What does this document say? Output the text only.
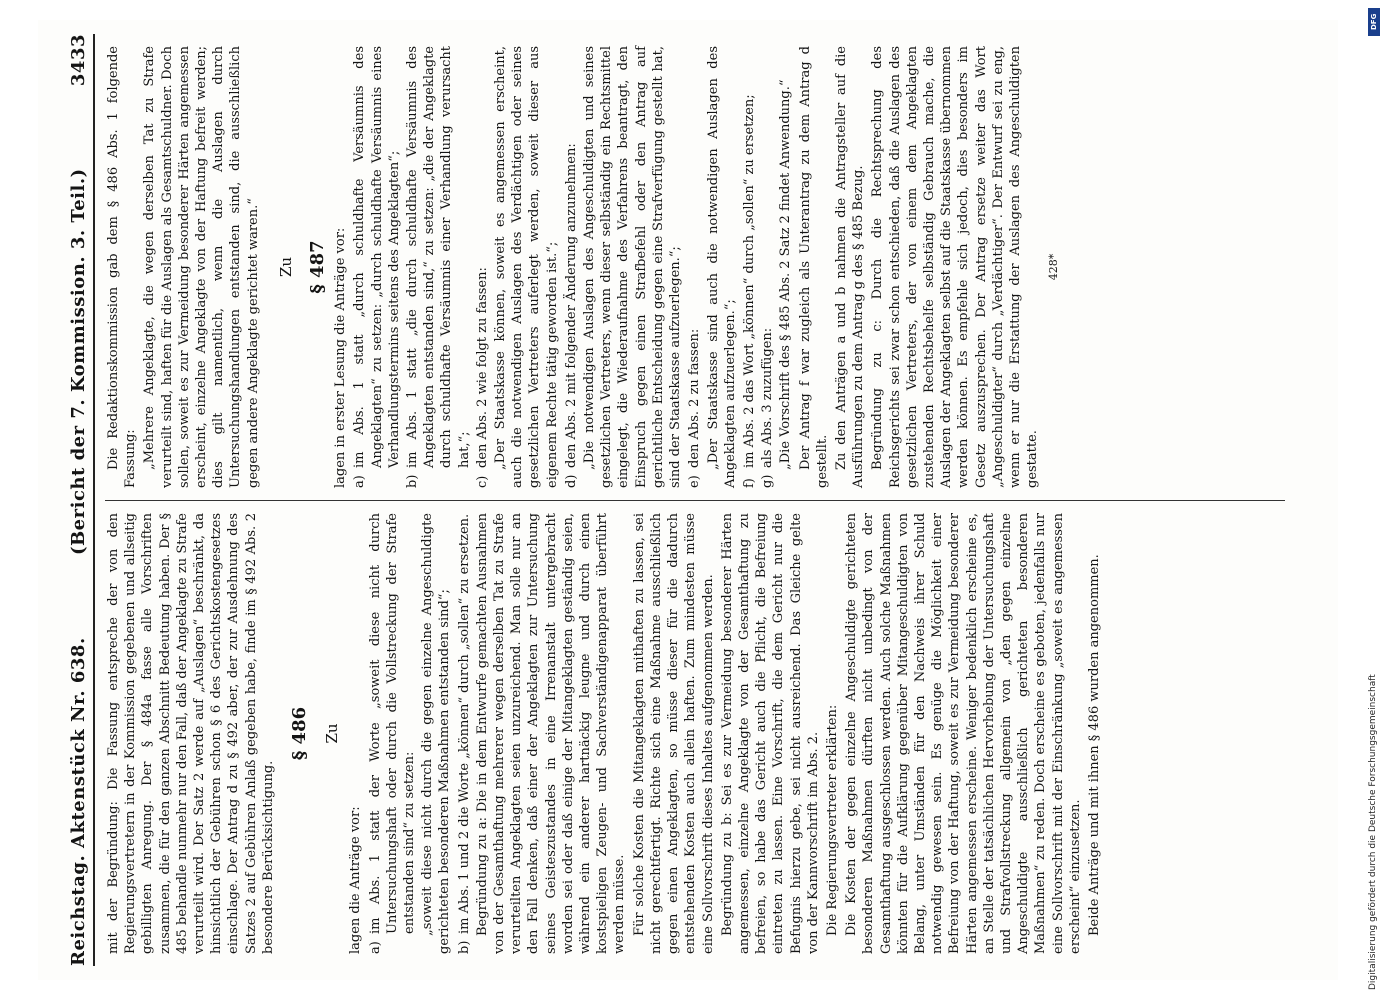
Reichstag. Aktenstück Nr. 638.
(Bericht der 7. Kommission. 3. Teil.)
3433

mit der Begründung: Die Fassung entspreche der von den Regierungsvertretern in der Kommission gegebenen und allseitig gebilligten Anregung. Der § 484a fasse alle Vorschriften zusammen, die für den ganzen Abschnitt Bedeutung haben. Der § 485 behandle nunmehr nur den Fall, daß der Angeklagte zu Strafe verurteilt wird. Der Satz 2 werde auf „Auslagen“ beschränkt, da hinsichtlich der Gebühren schon § 6 des Gerichtskostengesetzes einschlage. Der Antrag d zu § 492 aber, der zur Ausdehnung des Satzes 2 auf Gebühren Anlaß gegeben habe, finde im § 492 Abs. 2 besondere Berücksichtigung.

§ 486 Zu

lagen die Anträge vor: a)
im Abs. 1 statt der Worte „soweit diese nicht durch Untersuchungshaft oder durch die Vollstreckung der Strafe entstanden sind“ zu setzen: „soweit diese nicht durch die gegen einzelne Angeschuldigte gerichteten besonderen Maßnahmen entstanden sind“; b)
im Abs. 1 und 2 die Worte „können“ durch „sollen“ zu ersetzen. Begründung zu a: Die in dem Entwurfe gemachten Ausnahmen von der Gesamthaftung mehrerer wegen derselben Tat zu Strafe verurteilten Angeklagten seien unzureichend. Man solle nur an den Fall denken, daß einer der Angeklagten zur Untersuchung seines Geisteszustandes in eine Irrenanstalt untergebracht worden sei oder daß einige der Mitangeklagten geständig seien, während ein anderer hartnäckig leugne und durch einen kostspieligen Zeugen- und Sachverständigenapparat überführt werden müsse. Für solche Kosten die Mitangeklagten mithaften zu lassen, sei nicht gerechtfertigt. Richte sich eine Maßnahme ausschließlich gegen einen Angeklagten, so müsse dieser für die dadurch entstehenden Kosten auch allein haften. Zum mindesten müsse eine Sollvorschrift dieses Inhaltes aufgenommen werden. Begründung zu b: Sei es zur Vermeidung besonderer Härten angemessen, einzelne Angeklagte von der Gesamthaftung zu befreien, so habe das Gericht auch die Pflicht, die Befreiung eintreten zu lassen. Eine Vorschrift, die dem Gericht nur die Befugnis hierzu gebe, sei nicht ausreichend. Das Gleiche gelte von der Kannvorschrift im Abs. 2. Die Regierungsvertreter erklärten: Die Kosten der gegen einzelne Angeschuldigte gerichteten besonderen Maßnahmen dürften nicht unbedingt von der Gesamthaftung ausgeschlossen werden. Auch solche Maßnahmen könnten für die Aufklärung gegenüber Mitangeschuldigten von Belang, unter Umständen für den Nachweis ihrer Schuld notwendig gewesen sein. Es genüge die Möglichkeit einer Befreiung von der Haftung, soweit es zur Vermeidung besonderer Härten angemessen erscheine. Weniger bedenklich erscheine es, an Stelle der tatsächlichen Hervorhebung der Untersuchungshaft und Strafvollstreckung allgemein von „den gegen einzelne Angeschuldigte ausschließlich gerichteten besonderen Maßnahmen“ zu reden. Doch erscheine es geboten, jedenfalls nur eine Sollvorschrift mit der Einschränkung „soweit es angemessen erscheint“ einzusetzen. Beide Anträge und mit ihnen § 486 wurden angenommen.

Die Redaktionskommission gab dem § 486 Abs. 1 folgende Fassung: „Mehrere Angeklagte, die wegen derselben Tat zu Strafe verurteilt sind, haften für die Auslagen als Gesamtschuldner. Doch sollen, soweit es zur Vermeidung besonderer Härten angemessen erscheint, einzelne Angeklagte von der Haftung befreit werden; dies gilt namentlich, wenn die Auslagen durch Untersuchungshandlungen entstanden sind, die ausschließlich gegen andere Angeklagte gerichtet waren.“ Zu § 487 lagen in erster Lesung die Anträge vor: a)
im Abs. 1 statt „durch schuldhafte Versäumnis des Angeklagten“ zu setzen: „durch schuldhafte Versäumnis eines Verhandlungstermins seitens des Angeklagten“;
b)
im Abs. 1 statt „die durch schuldhafte Versäumnis des Angeklagten entstanden sind,“ zu setzen: „die der Angeklagte durch schuldhafte Versäumnis einer Verhandlung verursacht hat,“;
c)
den Abs. 2 wie folgt zu fassen: „Der Staatskasse können, soweit es angemessen erscheint, auch die notwendigen Auslagen des Verdächtigen oder seines gesetzlichen Vertreters auferlegt werden, soweit dieser aus eigenem Rechte tätig geworden ist.“; d)
den Abs. 2 mit folgender Änderung anzunehmen: „Die notwendigen Auslagen des Angeschuldigten und seines gesetzlichen Vertreters, wenn dieser selbständig ein Rechtsmittel eingelegt, die Wiederaufnahme des Verfahrens beantragt, den Einspruch gegen einen Strafbefehl oder den Antrag auf gerichtliche Entscheidung gegen eine Strafverfügung gestellt hat, sind der Staatskasse aufzuerlegen.“; e)
den Abs. 2 zu fassen: „Der Staatskasse sind auch die notwendigen Auslagen des Angeklagten aufzuerlegen.“; f)
im Abs. 2 das Wort „können“ durch „sollen“ zu ersetzen;
g)
als Abs. 3 zuzufügen: „Die Vorschrift des § 485 Abs. 2 Satz 2 findet Anwendung.“ Der Antrag f war zugleich als Unterantrag zu dem Antrag d gestellt. Zu den Anträgen a und b nahmen die Antragsteller auf die Ausführungen zu dem Antrag g des § 485 Bezug. Begründung zu c: Durch die Rechtsprechung des Reichsgerichts sei zwar schon entschieden, daß die Auslagen des gesetzlichen Vertreters, der von einem dem Angeklagten zustehenden Rechtsbehelfe selbständig Gebrauch mache, die Auslagen der Angeklagten selbst auf die Staatskasse übernommen werden können. Es empfehle sich jedoch, dies besonders im Gesetz auszusprechen. Der Antrag ersetze weiter das Wort „Angeschuldigter“ durch „Verdächtiger“. Der Entwurf sei zu eng, wenn er nur die Erstattung der Auslagen des Angeschuldigten gestatte.

428*
DFG
Digitalisierung gefördert durch die Deutsche Forschungsgemeinschaft
